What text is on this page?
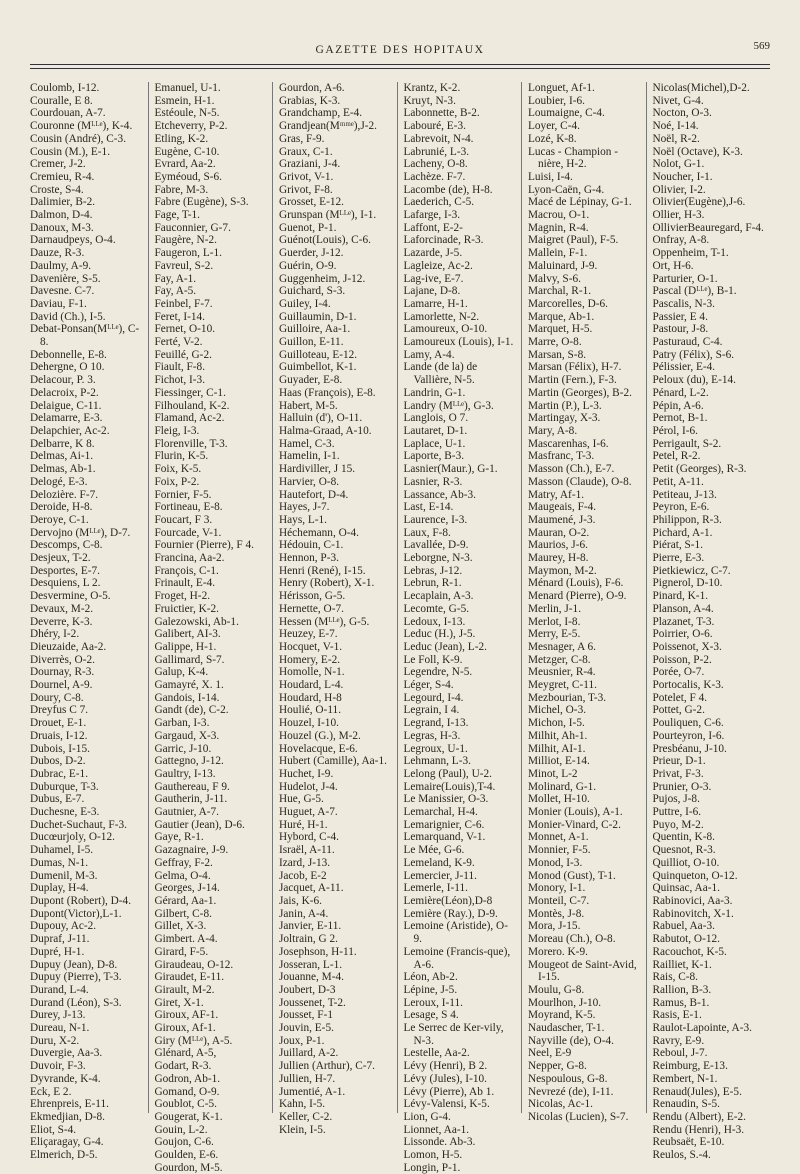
GAZETTE DES HOPITAUX	569
Coulomb, I-12.
Couralle, E 8.
Courdouan, A-7.
Couronne (Mᴸᴸᵉ), K-4.
Cousin (André), C-3.
Cousin (M.), E-1.
Cremer, J-2.
Cremieu, R-4.
Croste, S-4.
Dalimier, B-2.
Dalmon, D-4.
Danoux, M-3.
Darnaudpeys, O-4.
Dauze, R-3.
Daulmy, A-9.
Davenière, S-5.
Davesne. C-7.
Daviau, F-1.
David (Ch.), I-5.
Debat-Ponsan(Mᴸᴸᵉ), C-8.
Debonnelle, E-8.
Dehergne, O 10.
Delacour, P. 3.
Delacroix, P-2.
Delaigue, C-11.
Delamarre, E-3.
Delapchier, Ac-2.
Delbarre, K 8.
Delmas, Ai-1.
Delmas, Ab-1.
Delogé, E-3.
Delozière. F-7.
Deroide, H-8.
Deroye, C-1.
Dervojno (Mᴸᴸᵉ), D-7.
Descomps, C-8.
Desjeux, T-2.
Desportes, E-7.
Desquiens, L 2.
Desvermine, O-5.
Devaux, M-2.
Deverre, K-3.
Dhéry, I-2.
Dieuzaide, Aa-2.
Diverrès, O-2.
Dournay, R-3.
Dournel, A-9.
Doury, C-8.
Dreyfus C 7.
Drouet, E-1.
Druais, I-12.
Dubois, I-15.
Dubos, D-2.
Dubrac, E-1.
Duburque, T-3.
Dubus, E-7.
Duchesne, E-3.
Duchet-Suchaut, F-3.
Ducœurjoly, O-12.
Duhamel, I-5.
Dumas, N-1.
Dumenil, M-3.
Duplay, H-4.
Dupont (Robert), D-4.
Dupont(Victor),L-1.
Dupouy, Ac-2.
Dupraf, J-11.
Dupré, H-1.
Dupuy (Jean), D-8.
Dupuy (Pierre), T-3.
Durand, L-4.
Durand (Léon), S-3.
Durey, J-13.
Dureau, N-1.
Duru, X-2.
Duvergie, Aa-3.
Duvoir, F-3.
Dyvrande, K-4.
Eck, E 2.
Ehrenpreis, E-11.
Ekmedjian, D-8.
Eliot, S-4.
Eliçaragay, G-4.
Elmerich, D-5.
Emanuel, U-1.
Esmein, H-1.
Estéoule, N-5.
Etcheverry, P-2.
Etling, K-2.
Eugène, C-10.
Evrard, Aa-2.
Eyméoud, S-6.
Fabre, M-3.
Fabre (Eugène), S-3.
Fage, T-1.
Fauconnier, G-7.
Faugère, N-2.
Faugeron, L-1.
Favreul, S-2.
Fay, A-1.
Fay, A-5.
Feinbel, F-7.
Feret, I-14.
Fernet, O-10.
Ferté, V-2.
Feuillé, G-2.
Fiault, F-8.
Fichot, I-3.
Fiessinger, C-1.
Filhouland, K-2.
Flamand, Ac-2.
Fleig, I-3.
Florenville, T-3.
Flurin, K-5.
Foix, K-5.
Foix, P-2.
Fornier, F-5.
Fortineau, E-8.
Foucart, F 3.
Fourcade, V-1.
Fournier (Pierre), F 4.
Francina, Aa-2.
François, C-1.
Frinault, E-4.
Froget, H-2.
Fruictier, K-2.
Galezowski, Ab-1.
Galibert, AI-3.
Galippe, H-1.
Gallimard, S-7.
Galup, K-4.
Gamayré, X. 1.
Gandois, I-14.
Gandt (de), C-2.
Garban, I-3.
Gargaud, X-3.
Garric, J-10.
Gattegno, J-12.
Gaultry, I-13.
Gauthereau, F 9.
Gautherin, J-11.
Gautnier, A-7.
Gautier (Jean), D-6.
Gaye, R-1.
Gazagnaire, J-9.
Geffray, F-2.
Gelma, O-4.
Georges, J-14.
Gérard, Aa-1.
Gilbert, C-8.
Gillet, X-3.
Gimbert. A-4.
Girard, F-5.
Giraudeau, O-12.
Giraudet, E-11.
Girault, M-2.
Giret, X-1.
Giroux, AF-1.
Giroux, Af-1.
Giry (Mᴸᴸᵉ), A-5.
Glénard, A-5,
Godart, R-3.
Godron, Ab-1.
Gomand, O-9.
Goublot, C-5.
Gougerat, K-1.
Gouin, L-2.
Goujon, C-6.
Goulden, E-6.
Gourdon, M-5.
Gourdon, A-6.
Grabias, K-3.
Grandchamp, E-4.
Grandjean(Mᵐᵐᵉ),J-2.
Gras, F-9.
Graux, C-1.
Graziani, J-4.
Grivot, V-1.
Grivot, F-8.
Grosset, E-12.
Grunspan (Mᴸᴸᵉ), I-1.
Guenot, P-1.
Guénot(Louis), C-6.
Guerder, J-12.
Guérin, O-9.
Guggenheim, J-12.
Guichard, S-3.
Guiley, I-4.
Guillaumin, D-1.
Guilloire, Aa-1.
Guillon, E-11.
Guilloteau, E-12.
Guimbellot, K-1.
Guyader, E-8.
Haas (François), E-8.
Habert, M-5.
Halluin (d'), O-11.
Halma-Graad, A-10.
Hamel, C-3.
Hamelin, I-1.
Hardiviller, J 15.
Harvier, O-8.
Hautefort, D-4.
Hayes, J-7.
Hays, L-1.
Héchemann, O-4.
Hédouin, C-1.
Hennon, P-3.
Henri (René), I-15.
Henry (Robert), X-1.
Hérisson, G-5.
Hernette, O-7.
Hessen (Mᴸᴸᵉ), G-5.
Heuzey, E-7.
Hocquet, V-1.
Homery, E-2.
Homolle, N-1.
Houdard, L-4.
Houdard, H-8
Houlié, O-11.
Houzel, I-10.
Houzel (G.), M-2.
Hovelacque, E-6.
Hubert (Camille), Aa-1.
Huchet, I-9.
Hudelot, J-4.
Hue, G-5.
Huguet, A-7.
Huré, H-1.
Hybord, C-4.
Israël, A-11.
Izard, J-13.
Jacob, E-2
Jacquet, A-11.
Jais, K-6.
Janin, A-4.
Janvier, E-11.
Joltrain, G 2.
Josephson, H-11.
Josseran, L-1.
Jouanne, M-4.
Joubert, D-3
Joussenet, T-2.
Jousset, F-1
Jouvin, E-5.
Joux, P-1.
Juillard, A-2.
Jullien (Arthur), C-7.
Jullien, H-7.
Jumentié, A-1.
Kahn, I-5.
Keller, C-2.
Klein, I-5.
Krantz, K-2.
Kruyt, N-3.
Labonnette, B-2.
Labouré, E-3.
Labrevoit, N-4.
Labrunié, L-3.
Lacheny, O-8.
Lachèze. F-7.
Lacombe (de), H-8.
Laederich, C-5.
Lafarge, I-3.
Laffont, E-2-
Laforcinade, R-3.
Lazarde, J-5.
Lagleize, Ac-2.
Lag-ive, E-7.
Lajane, D-8.
Lamarre, H-1.
Lamorlette, N-2.
Lamoureux, O-10.
Lamoureux (Louis), I-1.
Lamy, A-4.
Lande (de la) de Vallière, N-5.
Landrin, G-1.
Landry (Mᴸᴸᵉ), G-3.
Langlois, O 7.
Lautaret, D-1.
Laplace, U-1.
Laporte, B-3.
Lasnier(Maur.), G-1.
Lasnier, R-3.
Lassance, Ab-3.
Last, E-14.
Laurence, I-3.
Laux, F-8.
Lavallée, D-9.
Leborgne, N-3.
Lebras, J-12.
Lebrun, R-1.
Lecaplain, A-3.
Lecomte, G-5.
Ledoux, I-13.
Leduc (H.), J-5.
Leduc (Jean), L-2.
Le Foll, K-9.
Legendre, N-5.
Léger, S-4.
Legourd, I-4.
Legrain, I 4.
Legrand, I-13.
Legras, H-3.
Legroux, U-1.
Lehmann, L-3.
Lelong (Paul), U-2.
Lemaire(Louis),T-4.
Le Manissier, O-3.
Lemarchal, H-4.
Lemarignier, C-6.
Lemarquand, V-1.
Le Mée, G-6.
Lemeland, K-9.
Lemercier, J-11.
Lemerle, I-11.
Lemière(Léon),D-8
Lemière (Ray.), D-9.
Lemoine (Aristide), O-9.
Lemoine (Francis-que), A-6.
Léon, Ab-2.
Lépine, J-5.
Leroux, I-11.
Lesage, S 4.
Le Serrec de Ker-vily, N-3.
Lestelle, Aa-2.
Lévy (Henri), B 2.
Lévy (Jules), I-10.
Lévy (Pierre), Ab 1.
Lévy-Valensi, K-5.
Lion, G-4.
Lionnet, Aa-1.
Lissonde. Ab-3.
Lomon, H-5.
Longin, P-1.
Longuet, Af-1.
Loubier, I-6.
Loumaigne, C-4.
Loyer, C-4.
Lozé, K-8.
Lucas - Champion - nière, H-2.
Luisi, I-4.
Lyon-Caën, G-4.
Macé de Lépinay, G-1.
Macrou, O-1.
Magnin, R-4.
Maigret (Paul), F-5.
Mallein, F-1.
Maluinard, J-9.
Malvy, S-6.
Marchal, R-1.
Marcorelles, D-6.
Marque, Ab-1.
Marquet, H-5.
Marre, O-8.
Marsan, S-8.
Marsan (Félix), H-7.
Martin (Fern.), F-3.
Martin (Georges), B-2.
Martin (P.), L-3.
Martingay, X-3.
Mary, A-8.
Mascarenhas, I-6.
Masfranc, T-3.
Masson (Ch.), E-7.
Masson (Claude), O-8.
Matry, Af-1.
Maugeais, F-4.
Maumené, J-3.
Mauran, O-2.
Maurios, J-6.
Maurey, H-8.
Maymon, M-2.
Ménard (Louis), F-6.
Menard (Pierre), O-9.
Merlin, J-1.
Merlot, I-8.
Merry, E-5.
Mesnager, A 6.
Metzger, C-8.
Meusnier, R-4.
Meygret, C-11.
Mezbourian, T-3.
Michel, O-3.
Michon, I-5.
Milhit, Ah-1.
Milhit, AI-1.
Milliot, E-14.
Minot, L-2
Molinard, G-1.
Mollet, H-10.
Monier (Louis), A-1.
Monier-Vinard, C-2.
Monnet, A-1.
Monnier, F-5.
Monod, I-3.
Monod (Gust), T-1.
Monory, I-1.
Monteil, C-7.
Montès, J-8.
Mora, J-15.
Moreau (Ch.), O-8.
Morero. K-9.
Mougeot de Saint-Avid, I-15.
Moulu, G-8.
Mourlhon, J-10.
Moyrand, K-5.
Naudascher, T-1.
Nayville (de), O-4.
Neel, E-9
Nepper, G-8.
Nespoulous, G-8.
Nevrezé (de), I-11.
Nicolas, Ac-1.
Nicolas (Lucien), S-7.
Nicolas(Michel),D-2.
Nivet, G-4.
Nocton, O-3.
Noé, I-14.
Noël, R-2.
Noël (Octave), K-3.
Nolot, G-1.
Noucher, I-1.
Olivier, I-2.
Olivier(Eugène),J-6.
Ollier, H-3.
OllivierBeauregard, F-4.
Onfray, A-8.
Oppenheim, T-1.
Ort, H-6.
Parturier, O-1.
Pascal (Dᴸᴸᵉ), B-1.
Pascalis, N-3.
Passier, E 4.
Pastour, J-8.
Pasturaud, C-4.
Patry (Félix), S-6.
Pélissier, E-4.
Peloux (du), E-14.
Pénard, L-2.
Pépin, A-6.
Pernot, B-1.
Pérol, I-6.
Perrigault, S-2.
Petel, R-2.
Petit (Georges), R-3.
Petit, A-11.
Petiteau, J-13.
Peyron, E-6.
Philippon, R-3.
Pichard, A-1.
Piérat, S-1.
Pierre, E-3.
Pietkiewicz, C-7.
Pignerol, D-10.
Pinard, K-1.
Planson, A-4.
Plazanet, T-3.
Poirrier, O-6.
Poissenot, X-3.
Poisson, P-2.
Porée, O-7.
Portocalis, K-3.
Potelet, F 4.
Pottet, G-2.
Pouliquen, C-6.
Pourteyron, I-6.
Presbéanu, J-10.
Prieur, D-1.
Privat, F-3.
Prunier, O-3.
Pujos, J-8.
Puttre, I-6.
Puyo, M-2.
Quentin, K-8.
Quesnot, R-3.
Quilliot, O-10.
Quinqueton, O-12.
Quinsac, Aa-1.
Rabinovici, Aa-3.
Rabinovitch, X-1.
Rabuel, Aa-3.
Rabutot, O-12.
Racouchot, K-5.
Railliet, K-1.
Rais, C-8.
Rallion, B-3.
Ramus, B-1.
Rasis, E-1.
Raulot-Lapointe, A-3.
Ravry, E-9.
Reboul, J-7.
Reimburg, E-13.
Rembert, N-1.
Renaud(Jules), E-5.
Renaudin, S-5.
Rendu (Albert), E-2.
Rendu (Henri), H-3.
Reubsaët, E-10.
Reulos, S.-4.
